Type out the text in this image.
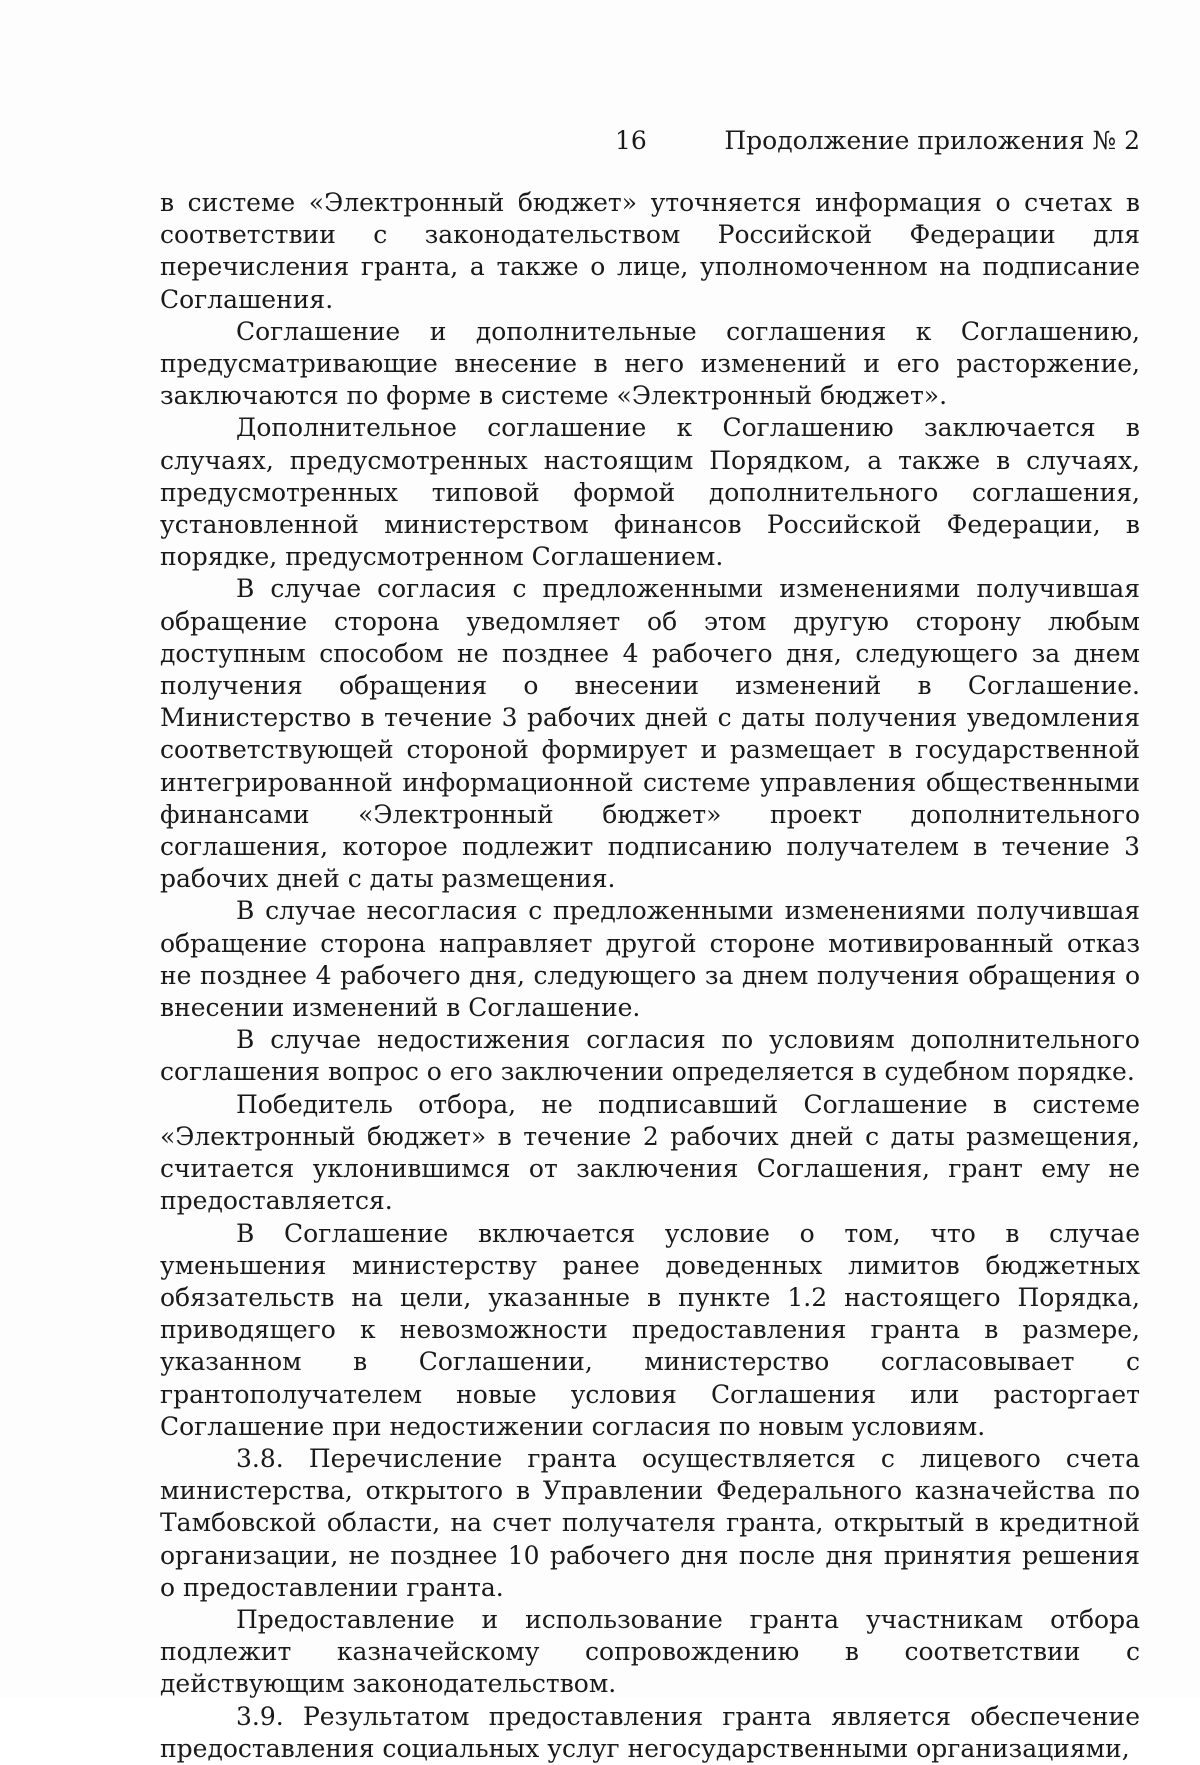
16	Продолжение приложения № 2

в системе «Электронный бюджет» уточняется информация о счетах в соответствии с законодательством Российской Федерации для перечисления гранта, а также о лице, уполномоченном на подписание Соглашения.

Соглашение и дополнительные соглашения к Соглашению, предусматривающие внесение в него изменений и его расторжение, заключаются по форме в системе «Электронный бюджет».

Дополнительное соглашение к Соглашению заключается в случаях, предусмотренных настоящим Порядком, а также в случаях, предусмотренных типовой формой дополнительного соглашения, установленной министерством финансов Российской Федерации, в порядке, предусмотренном Соглашением.

В случае согласия с предложенными изменениями получившая обращение сторона уведомляет об этом другую сторону любым доступным способом не позднее 4 рабочего дня, следующего за днем получения обращения о внесении изменений в Соглашение. Министерство в течение 3 рабочих дней с даты получения уведомления соответствующей стороной формирует и размещает в государственной интегрированной информационной системе управления общественными финансами «Электронный бюджет» проект дополнительного соглашения, которое подлежит подписанию получателем в течение 3 рабочих дней с даты размещения.

В случае несогласия с предложенными изменениями получившая обращение сторона направляет другой стороне мотивированный отказ не позднее 4 рабочего дня, следующего за днем получения обращения о внесении изменений в Соглашение.

В случае недостижения согласия по условиям дополнительного соглашения вопрос о его заключении определяется в судебном порядке.

Победитель отбора, не подписавший Соглашение в системе «Электронный бюджет» в течение 2 рабочих дней с даты размещения, считается уклонившимся от заключения Соглашения, грант ему не предоставляется.

В Соглашение включается условие о том, что в случае уменьшения министерству ранее доведенных лимитов бюджетных обязательств на цели, указанные в пункте 1.2 настоящего Порядка, приводящего к невозможности предоставления гранта в размере, указанном в Соглашении, министерство согласовывает с грантополучателем новые условия Соглашения или расторгает Соглашение при недостижении согласия по новым условиям.

3.8. Перечисление гранта осуществляется с лицевого счета министерства, открытого в Управлении Федерального казначейства по Тамбовской области, на счет получателя гранта, открытый в кредитной организации, не позднее 10 рабочего дня после дня принятия решения о предоставлении гранта.

Предоставление и использование гранта участникам отбора подлежит казначейскому сопровождению в соответствии с действующим законодательством.

3.9. Результатом предоставления гранта является обеспечение предоставления социальных услуг негосударственными организациями,
